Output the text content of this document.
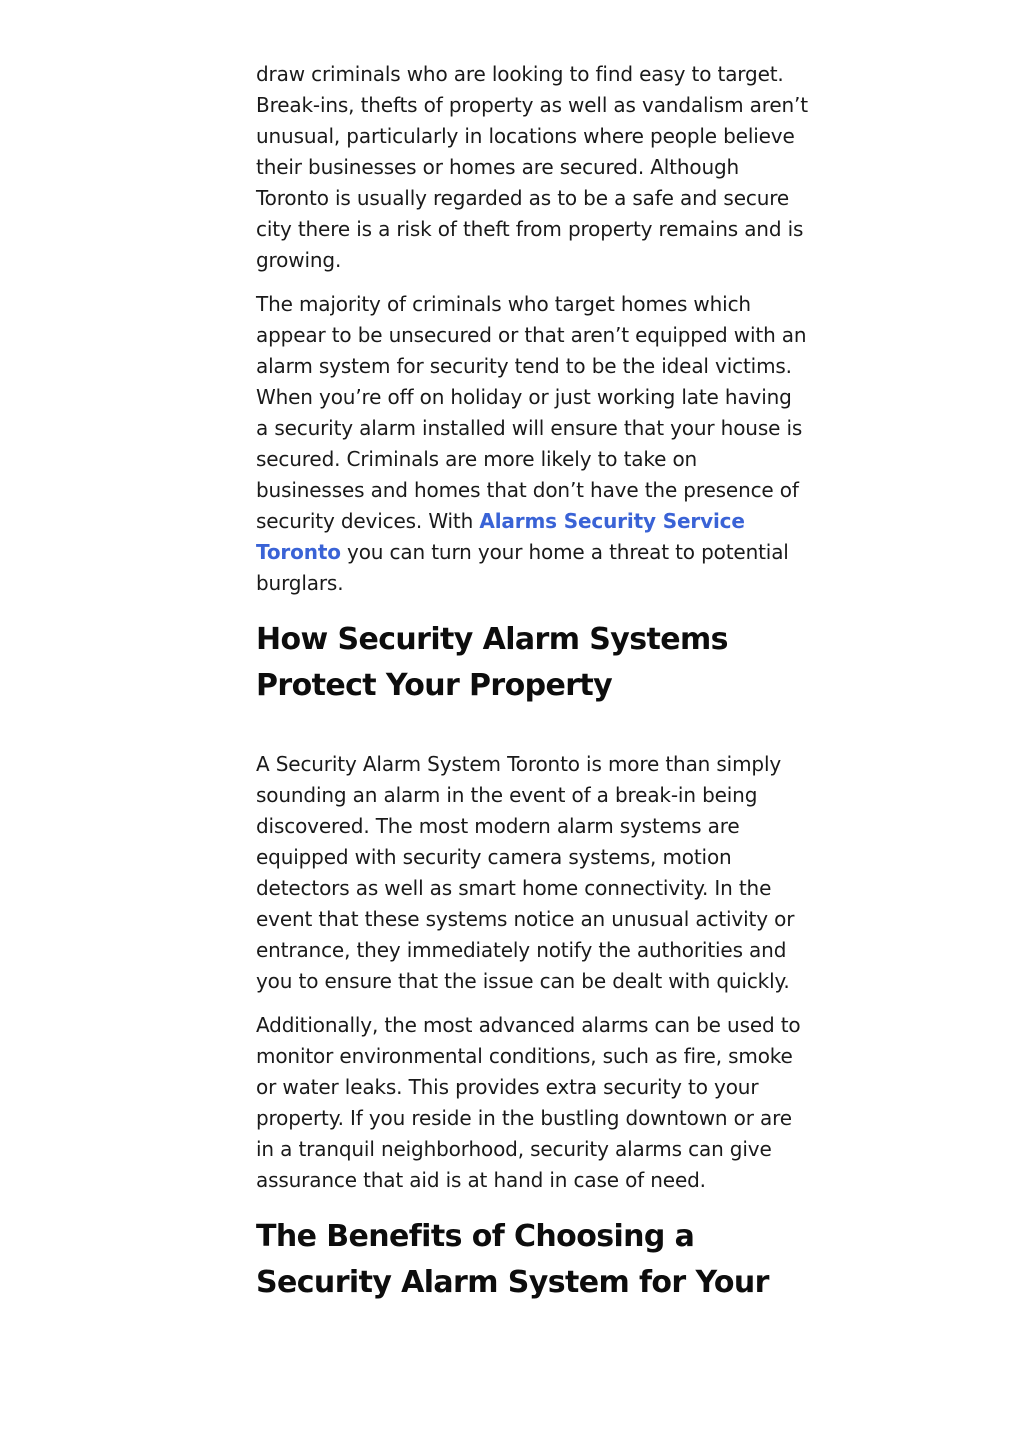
draw criminals who are looking to find easy to target. Break-ins, thefts of property as well as vandalism aren’t unusual, particularly in locations where people believe their businesses or homes are secured. Although Toronto is usually regarded as to be a safe and secure city there is a risk of theft from property remains and is growing.

The majority of criminals who target homes which appear to be unsecured or that aren’t equipped with an alarm system for security tend to be the ideal victims. When you’re off on holiday or just working late having a security alarm installed will ensure that your house is secured. Criminals are more likely to take on businesses and homes that don’t have the presence of security devices. With Alarms Security Service Toronto you can turn your home a threat to potential burglars.

How Security Alarm Systems Protect Your Property

A Security Alarm System Toronto is more than simply sounding an alarm in the event of a break-in being discovered. The most modern alarm systems are equipped with security camera systems, motion detectors as well as smart home connectivity. In the event that these systems notice an unusual activity or entrance, they immediately notify the authorities and you to ensure that the issue can be dealt with quickly.

Additionally, the most advanced alarms can be used to monitor environmental conditions, such as fire, smoke or water leaks. This provides extra security to your property. If you reside in the bustling downtown or are in a tranquil neighborhood, security alarms can give assurance that aid is at hand in case of need.

The Benefits of Choosing a Security Alarm System for Your
